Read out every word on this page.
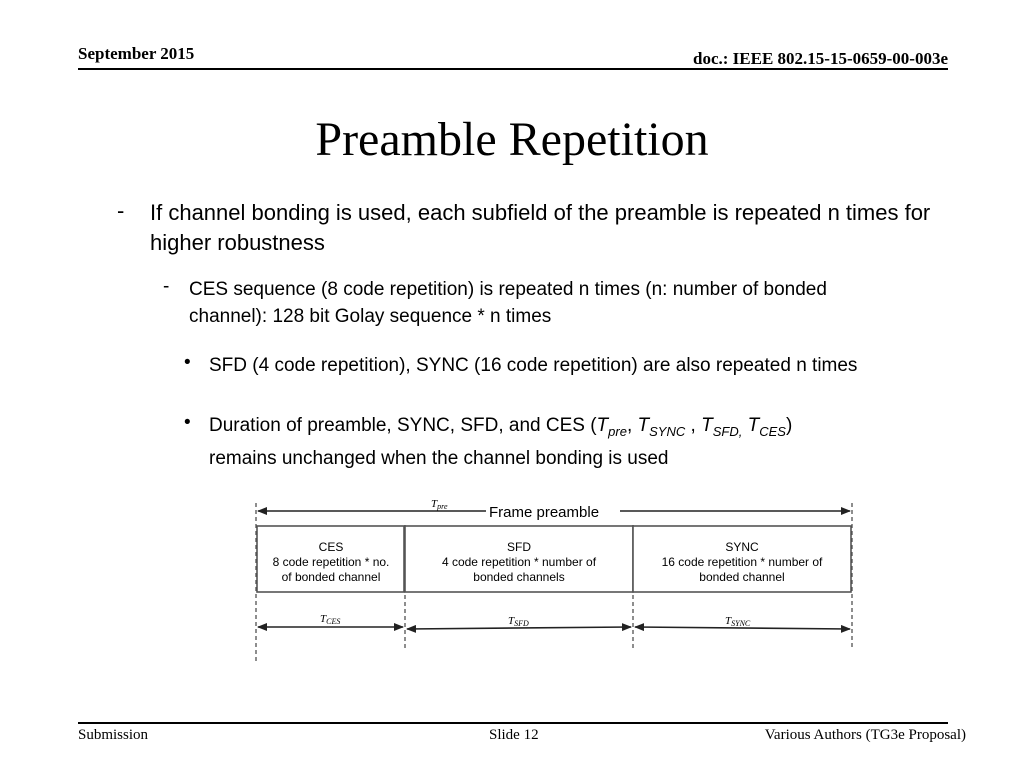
September 2015	doc.: IEEE 802.15-15-0659-00-003e
Preamble Repetition
- If channel bonding is used, each subfield of the preamble is repeated n times for higher robustness
- CES sequence (8 code repetition) is repeated n times (n: number of bonded channel): 128 bit Golay sequence * n times
• SFD (4 code repetition), SYNC (16 code repetition) are also repeated n times
• Duration of preamble, SYNC, SFD, and CES ($T_{pre}$, $T_{SYNC}$ , $T_{SFD,}$ $T_{CES}$)
remains unchanged when the channel bonding is used
Frame preamble
Tpre
CES
8 code repetition * no.
of bonded channel
SFD
4 code repetition * number of
bonded channels
SYNC
16 code repetition * number of
bonded channel
TCES	TSFD	TSYNC
Submission	Slide 12	Various Authors (TG3e Proposal)
